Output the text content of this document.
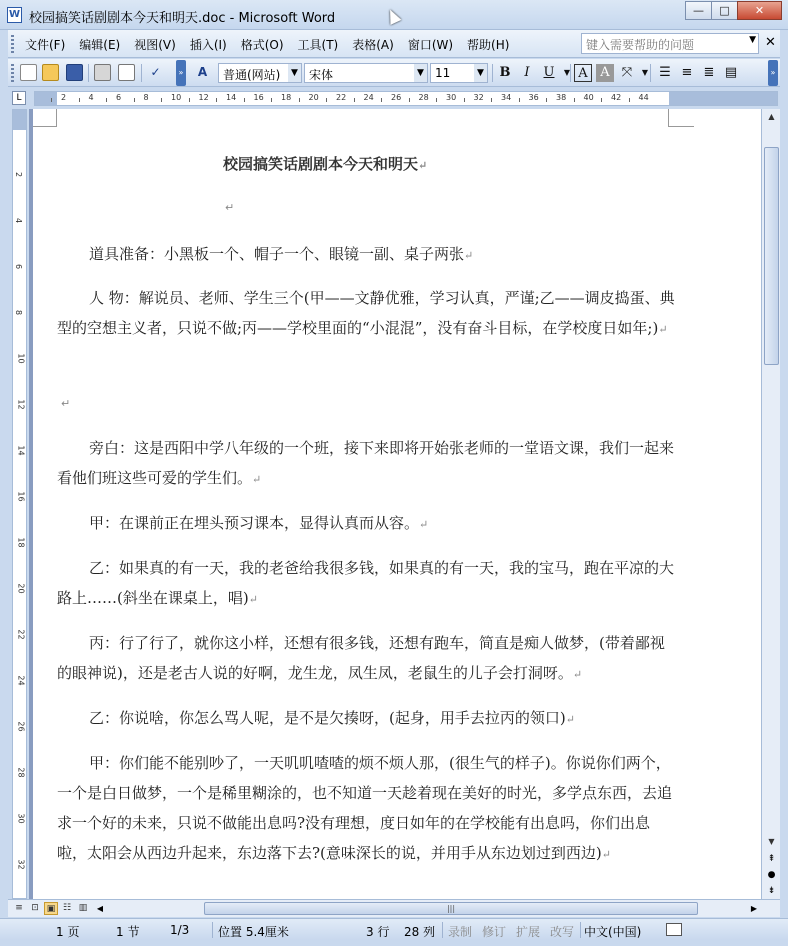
W 校园搞笑话剧剧本今天和明天.doc - Microsoft Word
—	□	✕
文件(F) 编辑(E) 视图(V) 插入(I) 格式(O) 工具(T) 表格(A) 窗口(W) 帮助(H)	键入需要帮助的问题	▼ ✕
✓	»	A	普通(网站)	▼ 宋体	▼ 11	▼ B	I	U	▼ A A ⤧	▼ ☰ ≡ ≣ ▤	»
L	2	4	6	8	10 12 14 16 18 20 22 24 26 28 30 32 34 36 38 40 42 44
2
4
6
8
10
12
14
16
18
20
22
24
26
28
30
32
校园搞笑话剧剧本今天和明天↵
↵
道具准备：小黑板一个、帽子一个、眼镜一副、桌子两张↵
人 物：解说员、老师、学生三个(甲——文静优雅，学习认真，严谨;乙——调皮捣蛋、典型的空想主义者，只说不做;丙——学校里面的“小混混”，没有奋斗目标，在学校度日如年;)↵
↵
旁白：这是西阳中学八年级的一个班，接下来即将开始张老师的一堂语文课，我们一起来看他们班这些可爱的学生们。↵
甲：在课前正在埋头预习课本，显得认真而从容。↵
乙：如果真的有一天，我的老爸给我很多钱，如果真的有一天，我的宝马，跑在平凉的大路上……(斜坐在课桌上，唱)↵
丙：行了行了，就你这小样，还想有很多钱，还想有跑车，简直是痴人做梦，(带着鄙视的眼神说)，还是老古人说的好啊，龙生龙，凤生凤，老鼠生的儿子会打洞呀。↵
乙：你说啥，你怎么骂人呢，是不是欠揍呀，(起身，用手去拉丙的领口)↵
甲：你们能不能别吵了，一天叽叽喳喳的烦不烦人那，(很生气的样子)。你说你们两个，一个是白日做梦，一个是稀里糊涂的，也不知道一天趁着现在美好的时光，多学点东西，去追求一个好的未来，只说不做能出息吗?没有理想，度日如年的在学校能有出息吗，你们出息啦，太阳会从西边升起来，东边落下去?(意味深长的说，并用手从东边划过到西边)↵
▲
▼
⇞
●
⇟
≡ ⊡ ▣ ☷ ▥	◀	|||	▶
1 页	1 节	1/3 位置 5.4厘米	3 行 28 列 录制 修订 扩展 改写 中文(中国)
